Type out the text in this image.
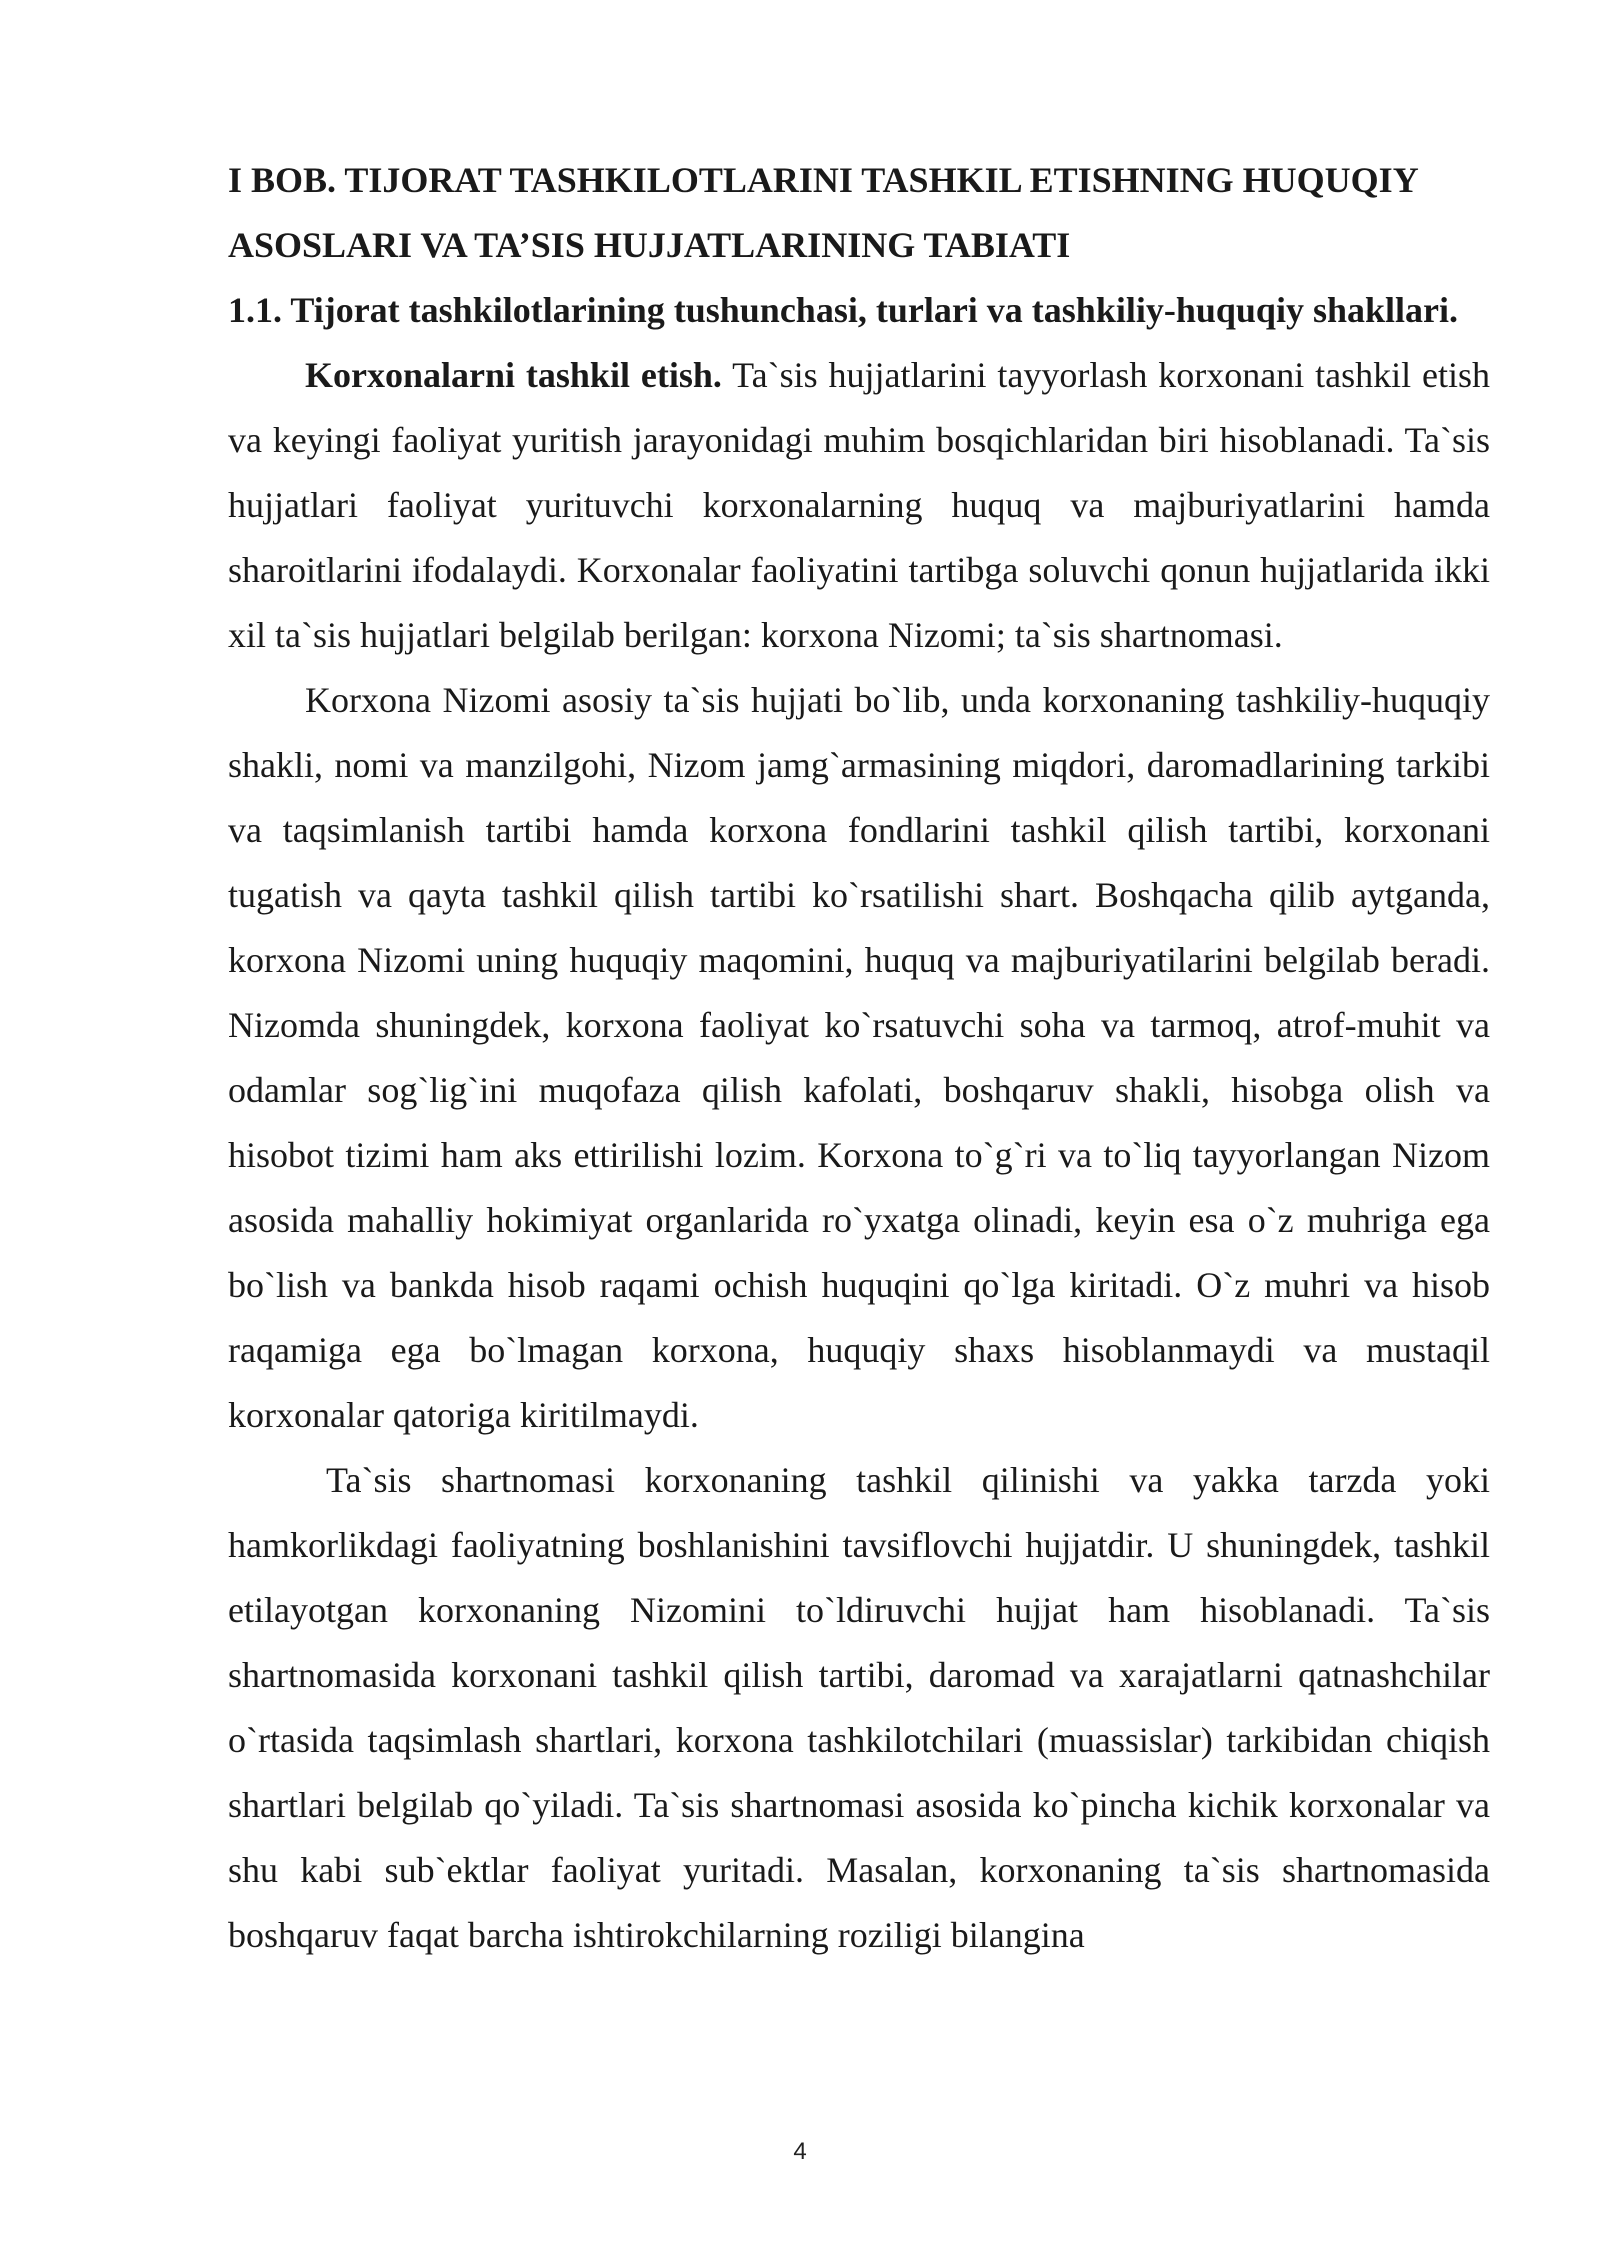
I BOB. TIJORAT TASHKILOTLARINI TASHKIL ETISHNING HUQUQIY ASOSLARI VA TA’SIS HUJJATLARINING TABIATI

1.1. Tijorat tashkilotlarining tushunchasi, turlari va tashkiliy-huquqiy shakllari.

Korxonalarni tashkil etish. Ta`sis hujjatlarini tayyorlash korxonani tashkil etish va keyingi faoliyat yuritish jarayonidagi muhim bosqichlaridan biri hisoblanadi. Ta`sis hujjatlari faoliyat yurituvchi korxonalarning huquq va majburiyatlarini hamda sharoitlarini ifodalaydi. Korxonalar faoliyatini tartibga soluvchi qonun hujjatlarida ikki xil ta`sis hujjatlari belgilab berilgan: korxona Nizomi; ta`sis shartnomasi.

Korxona Nizomi asosiy ta`sis hujjati bo`lib, unda korxonaning tashkiliy-huquqiy shakli, nomi va manzilgohi, Nizom jamg`armasining miqdori, daromadlarining tarkibi va taqsimlanish tartibi hamda korxona fondlarini tashkil qilish tartibi, korxonani tugatish va qayta tashkil qilish tartibi ko`rsatilishi shart. Boshqacha qilib aytganda, korxona Nizomi uning huquqiy maqomini, huquq va majburiyatilarini belgilab beradi. Nizomda shuningdek, korxona faoliyat ko`rsatuvchi soha va tarmoq, atrof-muhit va odamlar sog`lig`ini muqofaza qilish kafolati, boshqaruv shakli, hisobga olish va hisobot tizimi ham aks ettirilishi lozim. Korxona to`g`ri va to`liq tayyorlangan Nizom asosida mahalliy hokimiyat organlarida ro`yxatga olinadi, keyin esa o`z muhriga ega bo`lish va bankda hisob raqami ochish huquqini qo`lga kiritadi. O`z muhri va hisob raqamiga ega bo`lmagan korxona, huquqiy shaxs hisoblanmaydi va mustaqil korxonalar qatoriga kiritilmaydi.

Ta`sis shartnomasi korxonaning tashkil qilinishi va yakka tarzda yoki hamkorlikdagi faoliyatning boshlanishini tavsiflovchi hujjatdir. U shuningdek, tashkil etilayotgan korxonaning Nizomini to`ldiruvchi hujjat ham hisoblanadi. Ta`sis shartnomasida korxonani tashkil qilish tartibi, daromad va xarajatlarni qatnashchilar o`rtasida taqsimlash shartlari, korxona tashkilotchilari (muassislar) tarkibidan chiqish shartlari belgilab qo`yiladi. Ta`sis shartnomasi asosida ko`pincha kichik korxonalar va shu kabi sub`ektlar faoliyat yuritadi. Masalan, korxonaning ta`sis shartnomasida boshqaruv faqat barcha ishtirokchilarning roziligi bilangina

4
